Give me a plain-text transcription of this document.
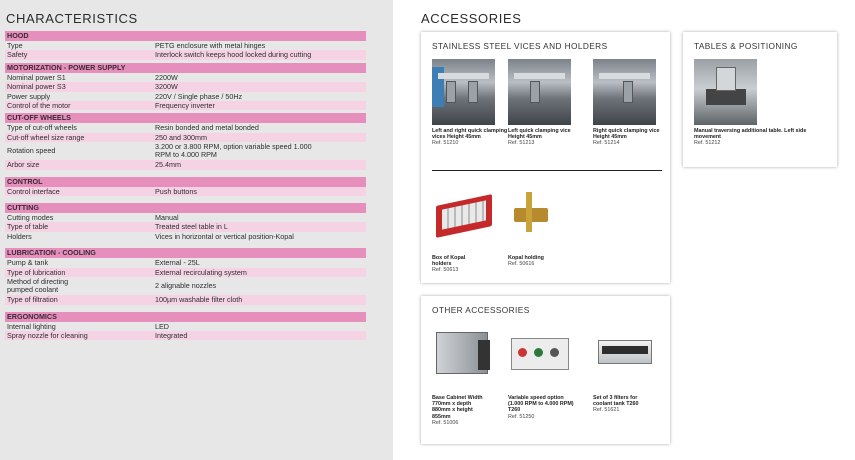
CHARACTERISTICS
HOOD
Type	PETG enclosure with metal hinges
Safety	Interlock switch keeps hood locked during cutting
MOTORIZATION - POWER SUPPLY
Nominal power S1	2200W
Nominal power S3	3200W
Power supply	220V / Single phase / 50Hz
Control of the motor	Frequency inverter
CUT-OFF WHEELS
Type of cut-off wheels	Resin bonded and metal bonded
Cut-off wheel size range	250 and 300mm
Rotation speed	3.200 or 3.800 RPM, option variable speed 1.000 RPM to 4.000 RPM
Arbor size	25.4mm
CONTROL
Control interface	Push buttons
CUTTING
Cutting modes	Manual
Type of table	Treated steel table in L
Holders	Vices in horizontal or vertical position-Kopal
LUBRICATION - COOLING
Pump & tank	External - 25L
Type of lubrication	External recirculating system
Method of directing pumped coolant	2 alignable nozzles
Type of filtration	100µm washable filter cloth
ERGONOMICS
Internal lighting	LED
Spray nozzle for cleaning	Integrated
ACCESSORIES
STAINLESS STEEL VICES AND HOLDERS
Left and right quick clamping vices Height 45mm
Ref. 51210
Left quick clamping vice Height 45mm
Ref. 51213
Right quick clamping vice Height 45mm
Ref. 51214
Box of Kopal holders
Ref. 50613
Kopal holding
Ref. 50616
TABLES & POSITIONING
Manual traversing additional table. Left side movement
Ref. 51212
OTHER ACCESSORIES
Base Cabinet Width 770mm x depth 880mm x height 855mm
Ref. 51006
Variable speed option (1.000 RPM to 4.000 RPM) T260
Ref. 51250
Set of 3 filters for coolant tank T260
Ref. 51621
